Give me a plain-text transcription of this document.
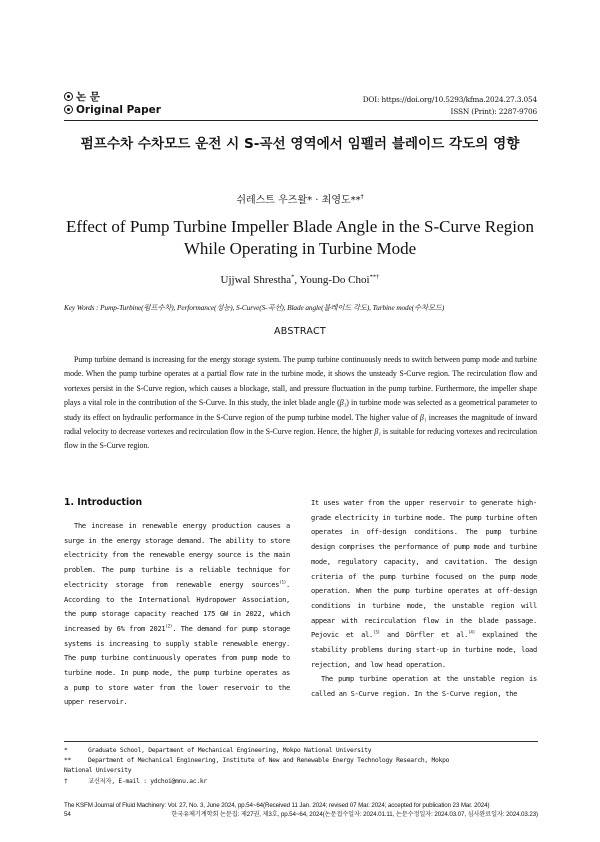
논 문
Original Paper
DOI: https://doi.org/10.5293/kfma.2024.27.3.054
ISSN (Print): 2287-9706
펌프수차 수차모드 운전 시 S-곡선 영역에서 임펠러 블레이드 각도의 영향
쉬레스트 우즈왈* · 최영도**†
Effect of Pump Turbine Impeller Blade Angle in the S-Curve Region While Operating in Turbine Mode
Ujjwal Shrestha*, Young-Do Choi**†
Key Words : Pump-Turbine(펌프수차), Performance(성능), S-Curve(S-곡선), Blade angle(블레이드 각도), Turbine mode(수차모드)
ABSTRACT
Pump turbine demand is increasing for the energy storage system. The pump turbine continuously needs to switch between pump mode and turbine mode. When the pump turbine operates at a partial flow rate in the turbine mode, it shows the unsteady S-Curve region. The recirculation flow and vortexes persist in the S-Curve region, which causes a blockage, stall, and pressure fluctuation in the pump turbine. Furthermore, the impeller shape plays a vital role in the contribution of the S-Curve. In this study, the inlet blade angle (β₁) in turbine mode was selected as a geometrical parameter to study its effect on hydraulic performance in the S-Curve region of the pump turbine model. The higher value of β₁ increases the magnitude of inward radial velocity to decrease vortexes and recirculation flow in the S-Curve region. Hence, the higher β₁ is suitable for reducing vortexes and recirculation flow in the S-Curve region.
1. Introduction
The increase in renewable energy production causes a surge in the energy storage demand. The ability to store electricity from the renewable energy source is the main problem. The pump turbine is a reliable technique for electricity storage from renewable energy sources$^{(1)}$. According to the International Hydropower Association, the pump storage capacity reached 175 GW in 2022, which increased by 6% from 2021$^{(2)}$. The demand for pump storage systems is increasing to supply stable renewable energy. The pump turbine continuously operates from pump mode to turbine mode. In pump mode, the pump turbine operates as a pump to store water from the lower reservoir to the upper reservoir.
It uses water from the upper reservoir to generate high-grade electricity in turbine mode. The pump turbine often operates in off-design conditions. The pump turbine design comprises the performance of pump mode and turbine mode, regulatory capacity, and cavitation. The design criteria of the pump turbine focused on the pump mode operation. When the pump turbine operates at off-design conditions in turbine mode, the unstable region will appear with recirculation flow in the blade passage. Pejovic et al.$^{(3)}$ and Dörfler et al.$^{(4)}$ explained the stability problems during start-up in turbine mode, load rejection, and low head operation.
The pump turbine operation at the unstable region is called an S-Curve region. In the S-Curve region, the
*	Graduate School, Department of Mechanical Engineering, Mokpo National University
**	Department of Mechanical Engineering, Institute of New and Renewable Energy Technology Research, Mokpo
National University
†	교신저자, E-mail : ydchoi@mnu.ac.kr
The KSFM Journal of Fluid Machinery: Vol. 27, No. 3, June 2024, pp.54~64(Received 11 Jan. 2024; revised 07 Mar. 2024; accepted for publication 23 Mar. 2024)
54	한국유체기계학회 논문집: 제27권, 제3호, pp.54~64, 2024(논문접수일자: 2024.01.11, 논문수정일자: 2024.03.07, 심사완료일자: 2024.03.23)
